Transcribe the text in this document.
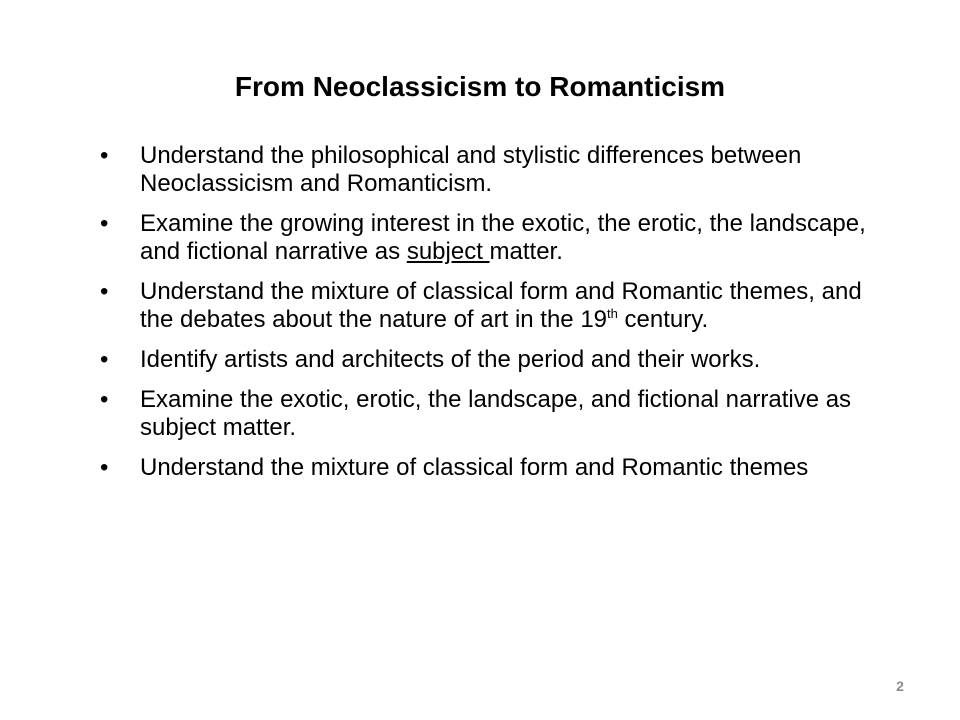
From Neoclassicism to Romanticism
•	Understand the philosophical and stylistic differences between Neoclassicism and Romanticism.
•	Examine the growing interest in the exotic, the erotic, the landscape, and fictional narrative as subject matter.
•	Understand the mixture of classical form and Romantic themes, and the debates about the nature of art in the 19th century.
•	Identify artists and architects of the period and their works.
•	Examine the exotic, erotic, the landscape, and fictional narrative as subject matter.
•	Understand the mixture of classical form and Romantic themes
2
